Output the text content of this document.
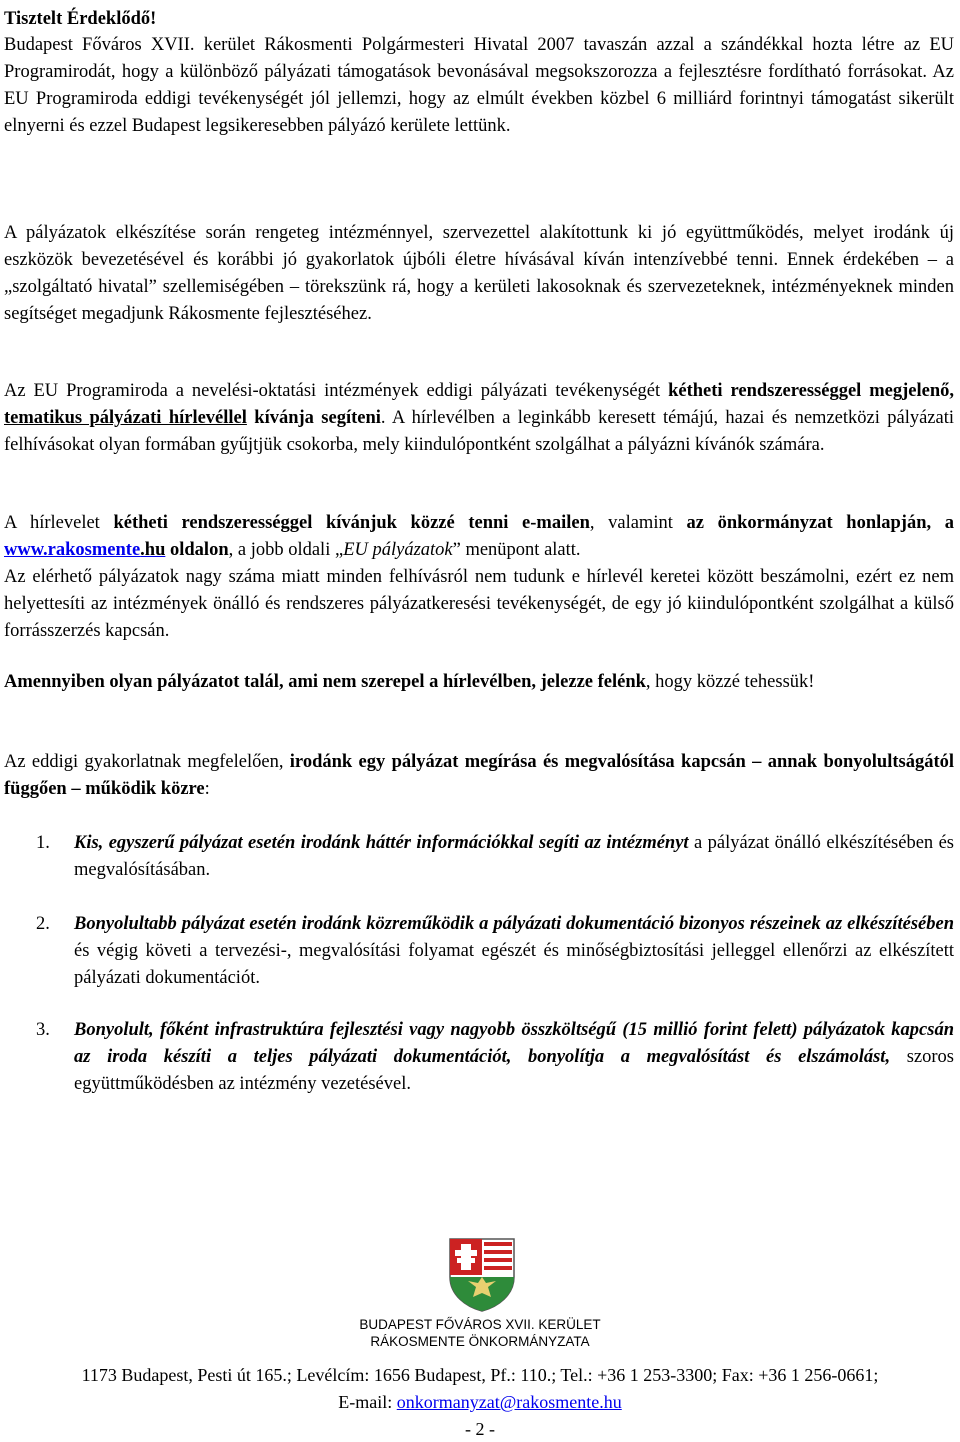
Tisztelt Érdeklődő!

Budapest Főváros XVII. kerület Rákosmenti Polgármesteri Hivatal 2007 tavaszán azzal a szándékkal hozta létre az EU Programirodát, hogy a különböző pályázati támogatások bevonásával megsokszorozza a fejlesztésre fordítható forrásokat. Az EU Programiroda eddigi tevékenységét jól jellemzi, hogy az elmúlt években közbel 6 milliárd forintnyi támogatást sikerült elnyerni és ezzel Budapest legsikeresebben pályázó kerülete lettünk.

A pályázatok elkészítése során rengeteg intézménnyel, szervezettel alakítottunk ki jó együttműködés, melyet irodánk új eszközök bevezetésével és korábbi jó gyakorlatok újbóli életre hívásával kíván intenzívebbé tenni. Ennek érdekében – a „szolgáltató hivatal” szellemiségében – törekszünk rá, hogy a kerületi lakosoknak és szervezeteknek, intézményeknek minden segítséget megadjunk Rákosmente fejlesztéséhez.

Az EU Programiroda a nevelési-oktatási intézmények eddigi pályázati tevékenységét kétheti rendszerességgel megjelenő, tematikus pályázati hírlevéllel kívánja segíteni. A hírlevélben a leginkább keresett témájú, hazai és nemzetközi pályázati felhívásokat olyan formában gyűjtjük csokorba, mely kiindulópontként szolgálhat a pályázni kívánók számára.

A hírlevelet kétheti rendszerességgel kívánjuk közzé tenni e-mailen, valamint az önkormányzat honlapján, a www.rakosmente.hu oldalon, a jobb oldali „EU pályázatok” menüpont alatt.
Az elérhető pályázatok nagy száma miatt minden felhívásról nem tudunk e hírlevél keretei között beszámolni, ezért ez nem helyettesíti az intézmények önálló és rendszeres pályázatkeresési tevékenységét, de egy jó kiindulópontként szolgálhat a külső forrásszerzés kapcsán.

Amennyiben olyan pályázatot talál, ami nem szerepel a hírlevélben, jelezze felénk, hogy közzé tehessük!

Az eddigi gyakorlatnak megfelelően, irodánk egy pályázat megírása és megvalósítása kapcsán – annak bonyolultságától függően – működik közre:

1.	Kis, egyszerű pályázat esetén irodánk háttér információkkal segíti az intézményt a pályázat önálló elkészítésében és megvalósításában.
2.	Bonyolultabb pályázat esetén irodánk közreműködik a pályázati dokumentáció bizonyos részeinek az elkészítésében és végig követi a tervezési-, megvalósítási folyamat egészét és minőségbiztosítási jelleggel ellenőrzi az elkészített pályázati dokumentációt.
3.	Bonyolult, főként infrastruktúra fejlesztési vagy nagyobb összköltségű (15 millió forint felett) pályázatok kapcsán az iroda készíti a teljes pályázati dokumentációt, bonyolítja a megvalósítást és elszámolást, szoros együttműködésben az intézmény vezetésével.
BUDAPEST FŐVÁROS XVII. KERÜLET
RÁKOSMENTE ÖNKORMÁNYZATA
1173 Budapest, Pesti út 165.; Levélcím: 1656 Budapest, Pf.: 110.; Tel.: +36 1 253-3300; Fax: +36 1 256-0661;
E-mail: onkormanyzat@rakosmente.hu
- 2 -
